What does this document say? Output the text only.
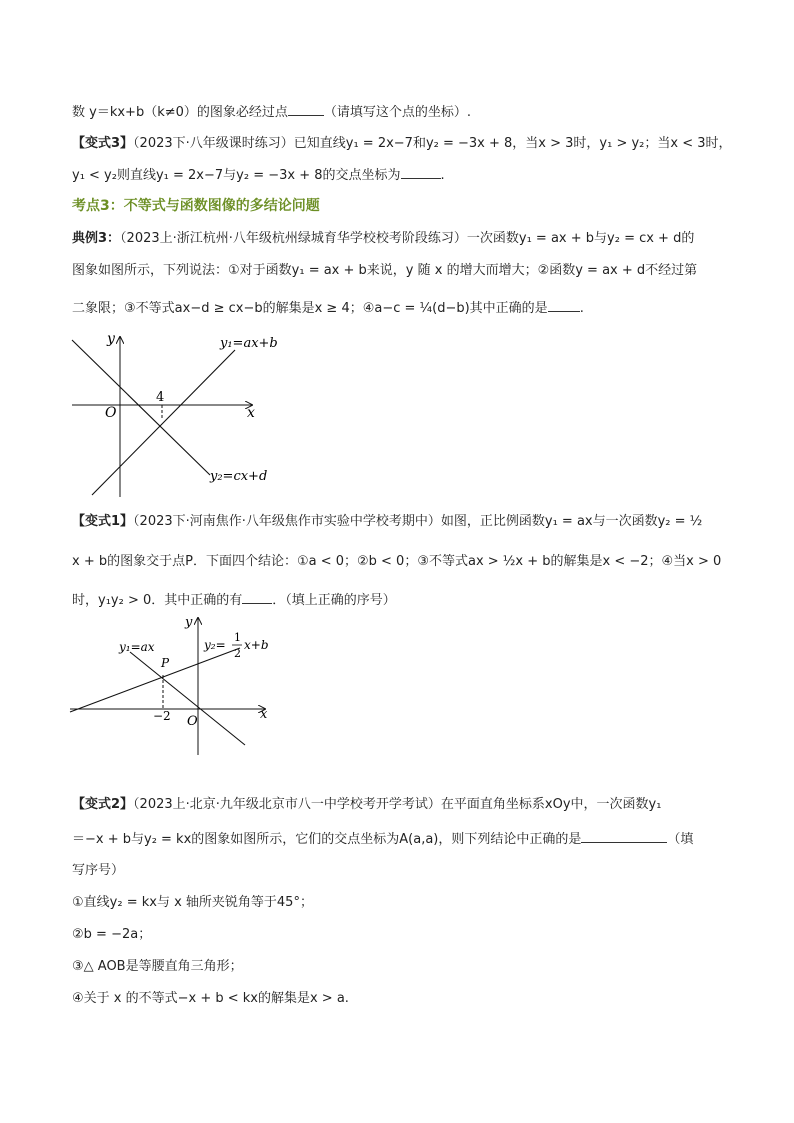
数 y＝kx+b（k≠0）的图象必经过点	（请填写这个点的坐标）.
【变式3】（2023下·八年级课时练习）已知直线y₁ = 2x−7和y₂ = −3x + 8，当x > 3时，y₁ > y₂；当x < 3时，
y₁ < y₂则直线y₁ = 2x−7与y₂ = −3x + 8的交点坐标为	.
考点3：不等式与函数图像的多结论问题
典例3：（2023上·浙江杭州·八年级杭州绿城育华学校校考阶段练习）一次函数y₁ = ax + b与y₂ = cx + d的
图象如图所示，下列说法：①对于函数y₁ = ax + b来说，y 随 x 的增大而增大；②函数y = ax + d不经过第
二象限；③不等式ax−d ≥ cx−b的解集是x ≥ 4；④a−c = ¼(d−b)其中正确的是 .
y
x
O
4
y₁=ax+b
y₂=cx+d
【变式1】（2023下·河南焦作·八年级焦作市实验中学校考期中）如图，正比例函数y₁ = ax与一次函数y₂ = ½
x + b的图象交于点P．下面四个结论：①a < 0；②b < 0；③不等式ax > ½x + b的解集是x < −2；④当x > 0
时，y₁y₂ > 0．其中正确的有 ．（填上正确的序号）
y
x
O
−2
P
y₁=ax	y₂=
1
2
x+b
【变式2】（2023上·北京·九年级北京市八一中学校考开学考试）在平面直角坐标系xOy中，一次函数y₁
＝−x + b与y₂ = kx的图象如图所示，它们的交点坐标为A(a,a)，则下列结论中正确的是	（填
写序号）
①直线y₂ = kx与 x 轴所夹锐角等于45°；
②b = −2a；
③△ AOB是等腰直角三角形；
④关于 x 的不等式−x + b < kx的解集是x > a.
